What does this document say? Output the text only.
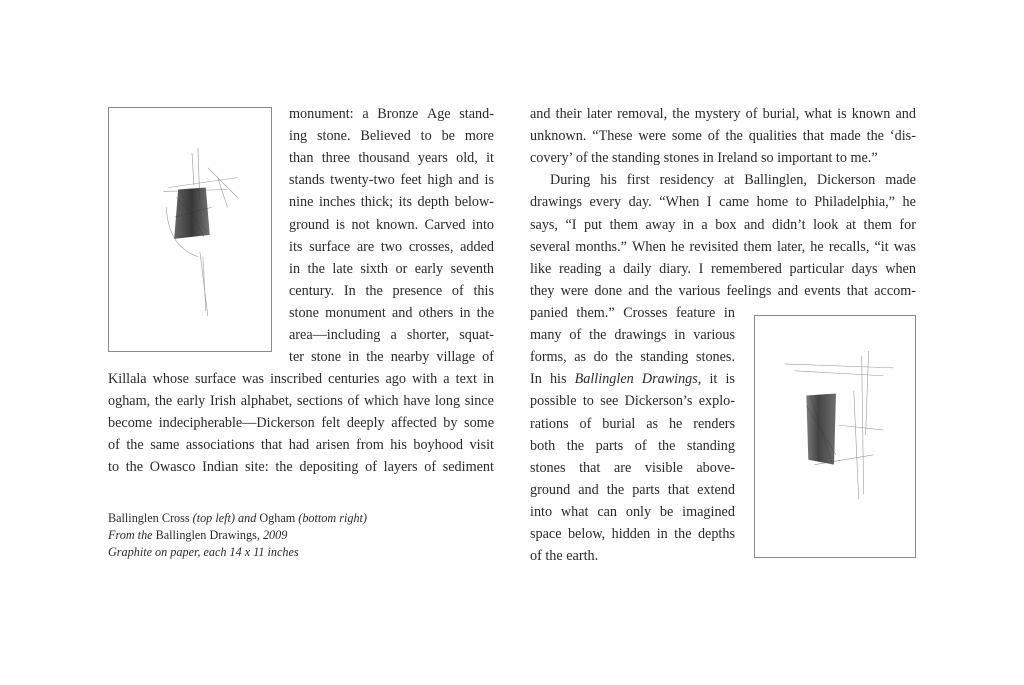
monument: a Bronze Age stand-
ing stone. Believed to be more
than three thousand years old, it
stands twenty-two feet high and is
nine inches thick; its depth below-
ground is not known. Carved into
its surface are two crosses, added
in the late sixth or early seventh
century. In the presence of this
stone monument and others in the
area—including a shorter, squat-
ter stone in the nearby village of
Killala whose surface was inscribed centuries ago with a text in
ogham, the early Irish alphabet, sections of which have long since
become indecipherable—Dickerson felt deeply affected by some
of the same associations that had arisen from his boyhood visit
to the Owasco Indian site: the depositing of layers of sediment
and their later removal, the mystery of burial, what is known and
unknown. “These were some of the qualities that made the ‘dis-
covery’ of the standing stones in Ireland so important to me.”
During his first residency at Ballinglen, Dickerson made
drawings every day. “When I came home to Philadelphia,” he
says, “I put them away in a box and didn’t look at them for
several months.” When he revisited them later, he recalls, “it was
like reading a daily diary. I remembered particular days when
they were done and the various feelings and events that accom-
panied them.” Crosses feature in
many of the drawings in various
forms, as do the standing stones.
In his Ballinglen Drawings, it is
possible to see Dickerson’s explo-
rations of burial as he renders
both the parts of the standing
stones that are visible above-
ground and the parts that extend
into what can only be imagined
space below, hidden in the depths
of the earth.
Ballinglen Cross (top left) and Ogham (bottom right)
From the Ballinglen Drawings, 2009
Graphite on paper, each 14 x 11 inches
